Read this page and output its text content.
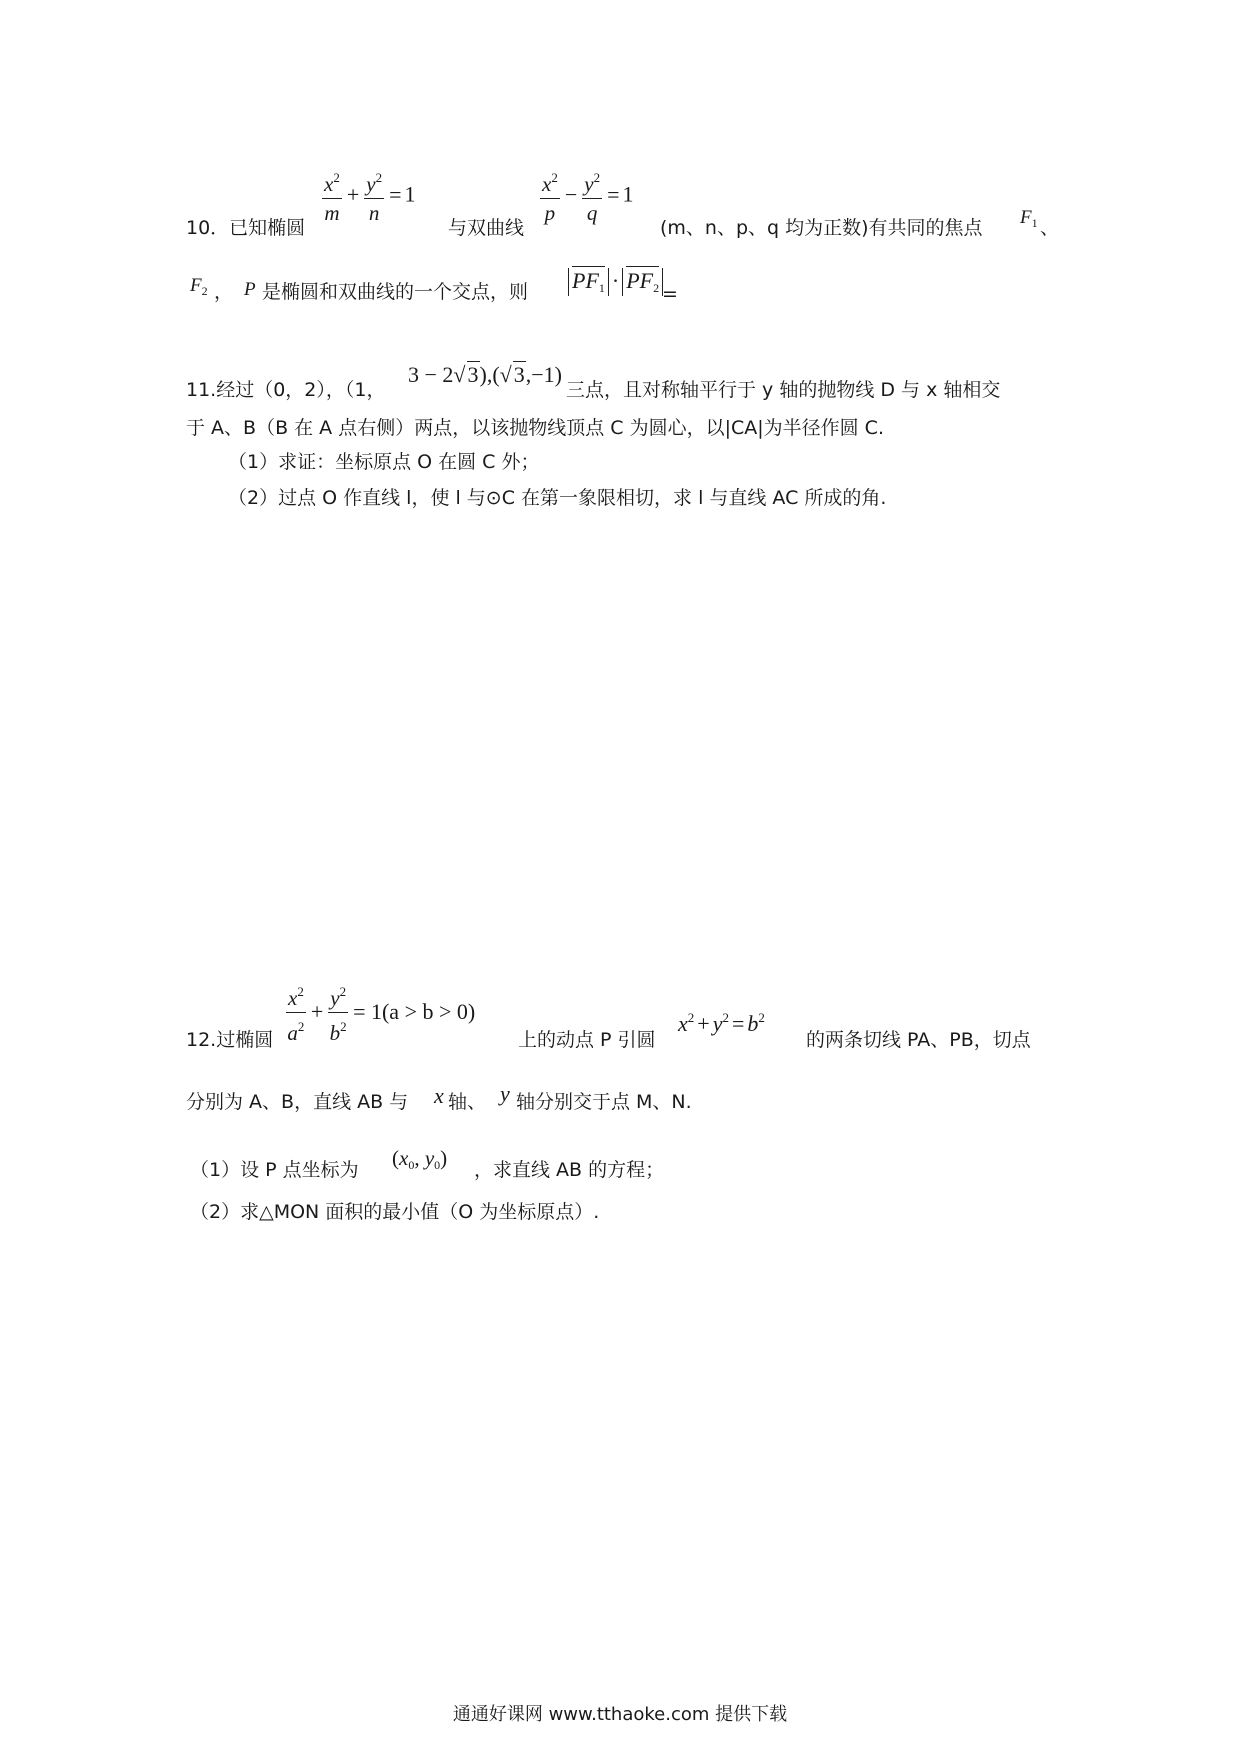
10．已知椭圆
$\frac{x^2}{m} + \frac{y^2}{n} = 1$
与双曲线
$\frac{x^2}{p} - \frac{y^2}{q} = 1$
(m、n、p、q 均为正数)有共同的焦点 $F_1$ 、
$F_2$ ， P 是椭圆和双曲线的一个交点，则 $PF_1 \cdot PF_2$ =
11.经过（0，2），（1，
3 − 2√3),(√3,−1)
三点，且对称轴平行于 y 轴的抛物线 D 与 x 轴相交
于 A、B（B 在 A 点右侧）两点，以该抛物线顶点 C 为圆心，以|CA|为半径作圆 C.
（1）求证：坐标原点 O 在圆 C 外；
（2）过点 O 作直线 l，使 l 与⊙C 在第一象限相切，求 l 与直线 AC 所成的角.
12.过椭圆 $\frac{x^2}{a^2} + \frac{y^2}{b^2} = 1(a > b > 0)$
上的动点 P 引圆
$x^2 + y^2 = b^2$
的两条切线 PA、PB，切点
分别为 A、B，直线 AB 与 x 轴、 y 轴分别交于点 M、N.
（1）设 P 点坐标为 ($x_0$, $y_0$) ，求直线 AB 的方程；
（2）求△MON 面积的最小值（O 为坐标原点）.
通通好课网 www.tthaoke.com 提供下载
